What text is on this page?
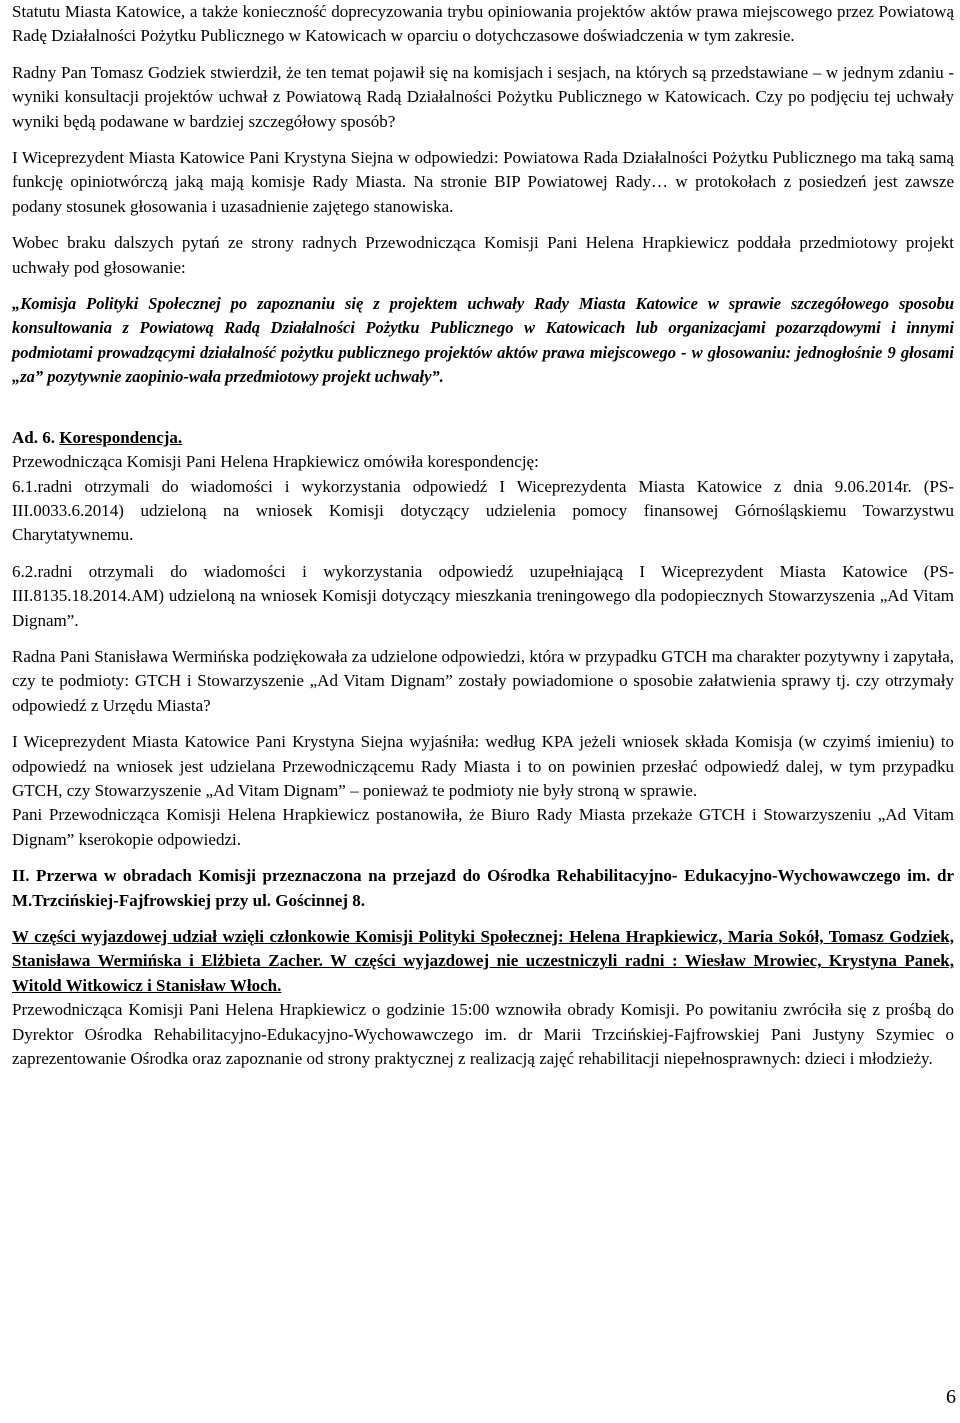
Statutu Miasta Katowice, a także konieczność doprecyzowania trybu opiniowania projektów aktów prawa miejscowego przez Powiatową Radę Działalności Pożytku Publicznego w Katowicach w oparciu o dotychczasowe doświadczenia w tym zakresie.

Radny Pan Tomasz Godziek stwierdził, że ten temat pojawił się na komisjach i sesjach, na których są przedstawiane – w jednym zdaniu - wyniki konsultacji projektów uchwał z Powiatową Radą Działalności Pożytku Publicznego w Katowicach. Czy po podjęciu tej uchwały wyniki będą podawane w bardziej szczegółowy sposób?

I Wiceprezydent Miasta Katowice Pani Krystyna Siejna w odpowiedzi: Powiatowa Rada Działalności Pożytku Publicznego ma taką samą funkcję opiniotwórczą jaką mają komisje Rady Miasta. Na stronie BIP Powiatowej Rady… w protokołach z posiedzeń jest zawsze podany stosunek głosowania i uzasadnienie zajętego stanowiska.

Wobec braku dalszych pytań ze strony radnych Przewodnicząca Komisji Pani Helena Hrapkiewicz poddała przedmiotowy projekt uchwały pod głosowanie:

„Komisja Polityki Społecznej po zapoznaniu się z projektem uchwały Rady Miasta Katowice w sprawie szczegółowego sposobu konsultowania z Powiatową Radą Działalności Pożytku Publicznego w Katowicach lub organizacjami pozarządowymi i innymi podmiotami prowadzącymi działalność pożytku publicznego projektów aktów prawa miejscowego - w głosowaniu: jednogłośnie 9 głosami „za” pozytywnie zaopinio-wała przedmiotowy projekt uchwały”.

Ad. 6. Korespondencja.

Przewodnicząca Komisji Pani Helena Hrapkiewicz omówiła korespondencję:

6.1.radni otrzymali do wiadomości i wykorzystania odpowiedź I Wiceprezydenta Miasta Katowice z dnia 9.06.2014r. (PS-III.0033.6.2014) udzieloną na wniosek Komisji dotyczący udzielenia pomocy finansowej Górnośląskiemu Towarzystwu Charytatywnemu.

6.2.radni otrzymali do wiadomości i wykorzystania odpowiedź uzupełniającą I Wiceprezydent Miasta Katowice (PS-III.8135.18.2014.AM) udzieloną na wniosek Komisji dotyczący mieszkania treningowego dla podopiecznych Stowarzyszenia „Ad Vitam Dignam”.

Radna Pani Stanisława Wermińska podziękowała za udzielone odpowiedzi, która w przypadku GTCH ma charakter pozytywny i zapytała, czy te podmioty: GTCH i Stowarzyszenie „Ad Vitam Dignam” zostały powiadomione o sposobie załatwienia sprawy tj. czy otrzymały odpowiedź z Urzędu Miasta?

I Wiceprezydent Miasta Katowice Pani Krystyna Siejna wyjaśniła: według KPA jeżeli wniosek składa Komisja (w czyimś imieniu) to odpowiedź na wniosek jest udzielana Przewodniczącemu Rady Miasta i to on powinien przesłać odpowiedź dalej, w tym przypadku GTCH, czy Stowarzyszenie „Ad Vitam Dignam” – ponieważ te podmioty nie były stroną w sprawie.

Pani Przewodnicząca Komisji Helena Hrapkiewicz postanowiła, że Biuro Rady Miasta przekaże GTCH i Stowarzyszeniu „Ad Vitam Dignam” kserokopie odpowiedzi.

II. Przerwa w obradach Komisji przeznaczona na przejazd do Ośrodka Rehabilitacyjno- Edukacyjno-Wychowawczego im. dr M.Trzcińskiej-Fajfrowskiej przy ul. Gościnnej 8.

W części wyjazdowej udział wzięli członkowie Komisji Polityki Społecznej: Helena Hrapkiewicz, Maria Sokół, Tomasz Godziek, Stanisława Wermińska i Elżbieta Zacher. W części wyjazdowej nie uczestniczyli radni : Wiesław Mrowiec, Krystyna Panek, Witold Witkowicz i Stanisław Włoch.

Przewodnicząca Komisji Pani Helena Hrapkiewicz o godzinie 15:00 wznowiła obrady Komisji. Po powitaniu zwróciła się z prośbą do Dyrektor Ośrodka Rehabilitacyjno-Edukacyjno-Wychowawczego im. dr Marii Trzcińskiej-Fajfrowskiej Pani Justyny Szymiec o zaprezentowanie Ośrodka oraz zapoznanie od strony praktycznej z realizacją zajęć rehabilitacji niepełnosprawnych: dzieci i młodzieży.

6
